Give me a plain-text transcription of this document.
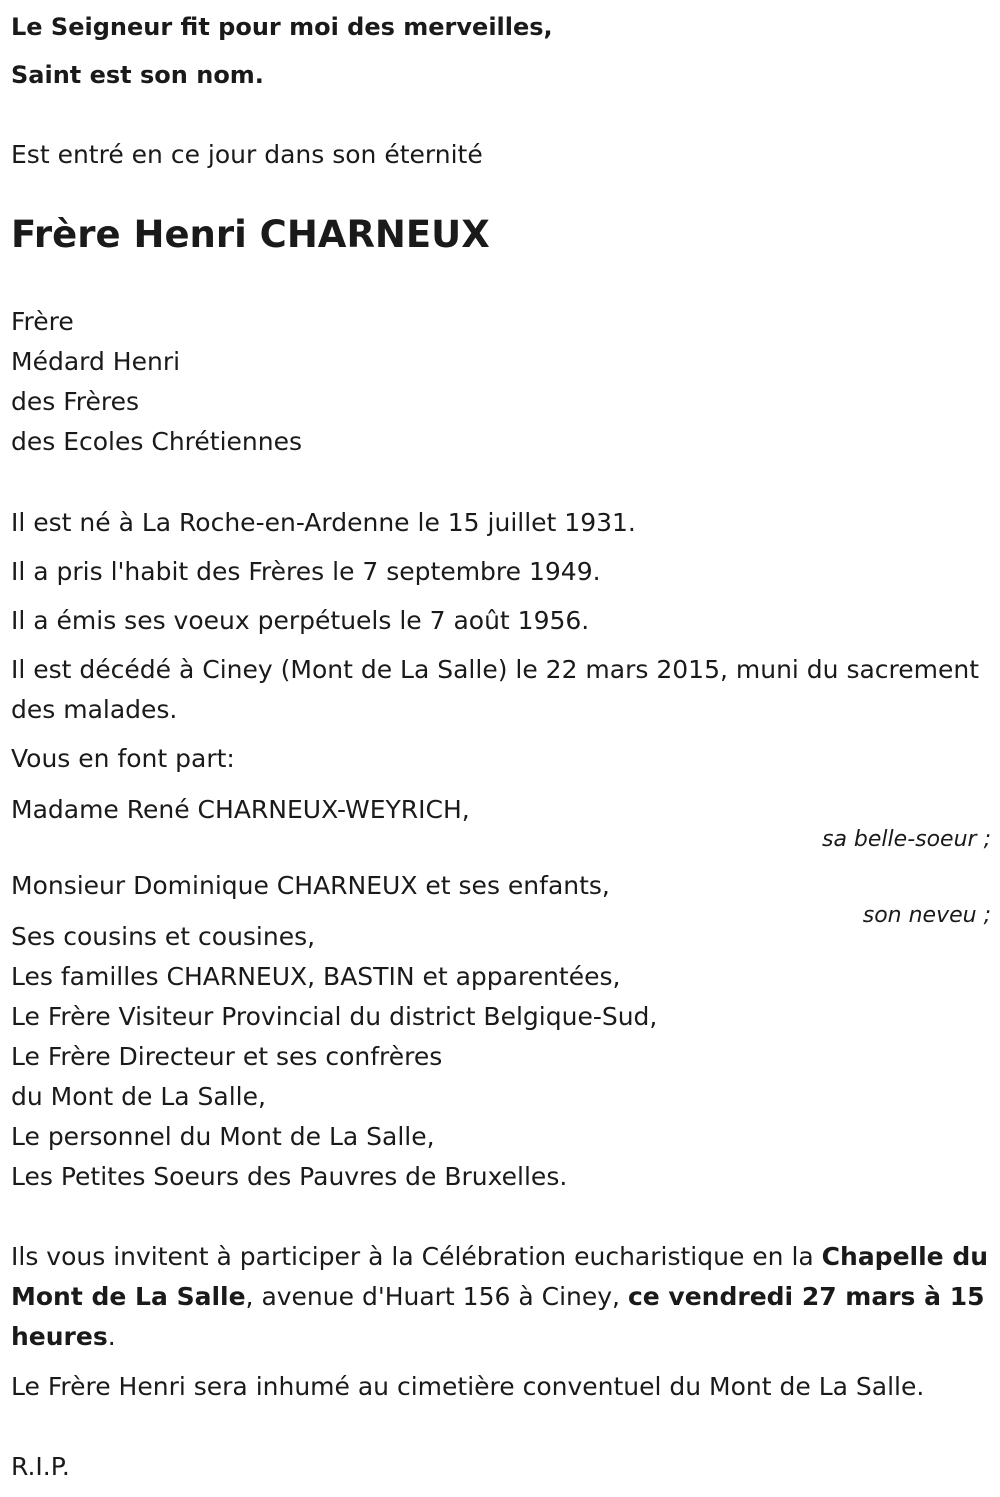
Le Seigneur fit pour moi des merveilles,
Saint est son nom.
Est entré en ce jour dans son éternité
Frère Henri CHARNEUX
Frère
Médard Henri
des Frères
des Ecoles Chrétiennes
Il est né à La Roche-en-Ardenne le 15 juillet 1931.
Il a pris l'habit des Frères le 7 septembre 1949.
Il a émis ses voeux perpétuels le 7 août 1956.
Il est décédé à Ciney (Mont de La Salle) le 22 mars 2015, muni du sacrement des malades.
Vous en font part:
Madame René CHARNEUX-WEYRICH,
sa belle-soeur ;
Monsieur Dominique CHARNEUX et ses enfants,
son neveu ;
Ses cousins et cousines,
Les familles CHARNEUX, BASTIN et apparentées,
Le Frère Visiteur Provincial du district Belgique-Sud,
Le Frère Directeur et ses confrères
du Mont de La Salle,
Le personnel du Mont de La Salle,
Les Petites Soeurs des Pauvres de Bruxelles.
Ils vous invitent à participer à la Célébration eucharistique en la Chapelle du Mont de La Salle, avenue d'Huart 156 à Ciney, ce vendredi 27 mars à 15 heures.
Le Frère Henri sera inhumé au cimetière conventuel du Mont de La Salle.
R.I.P.
